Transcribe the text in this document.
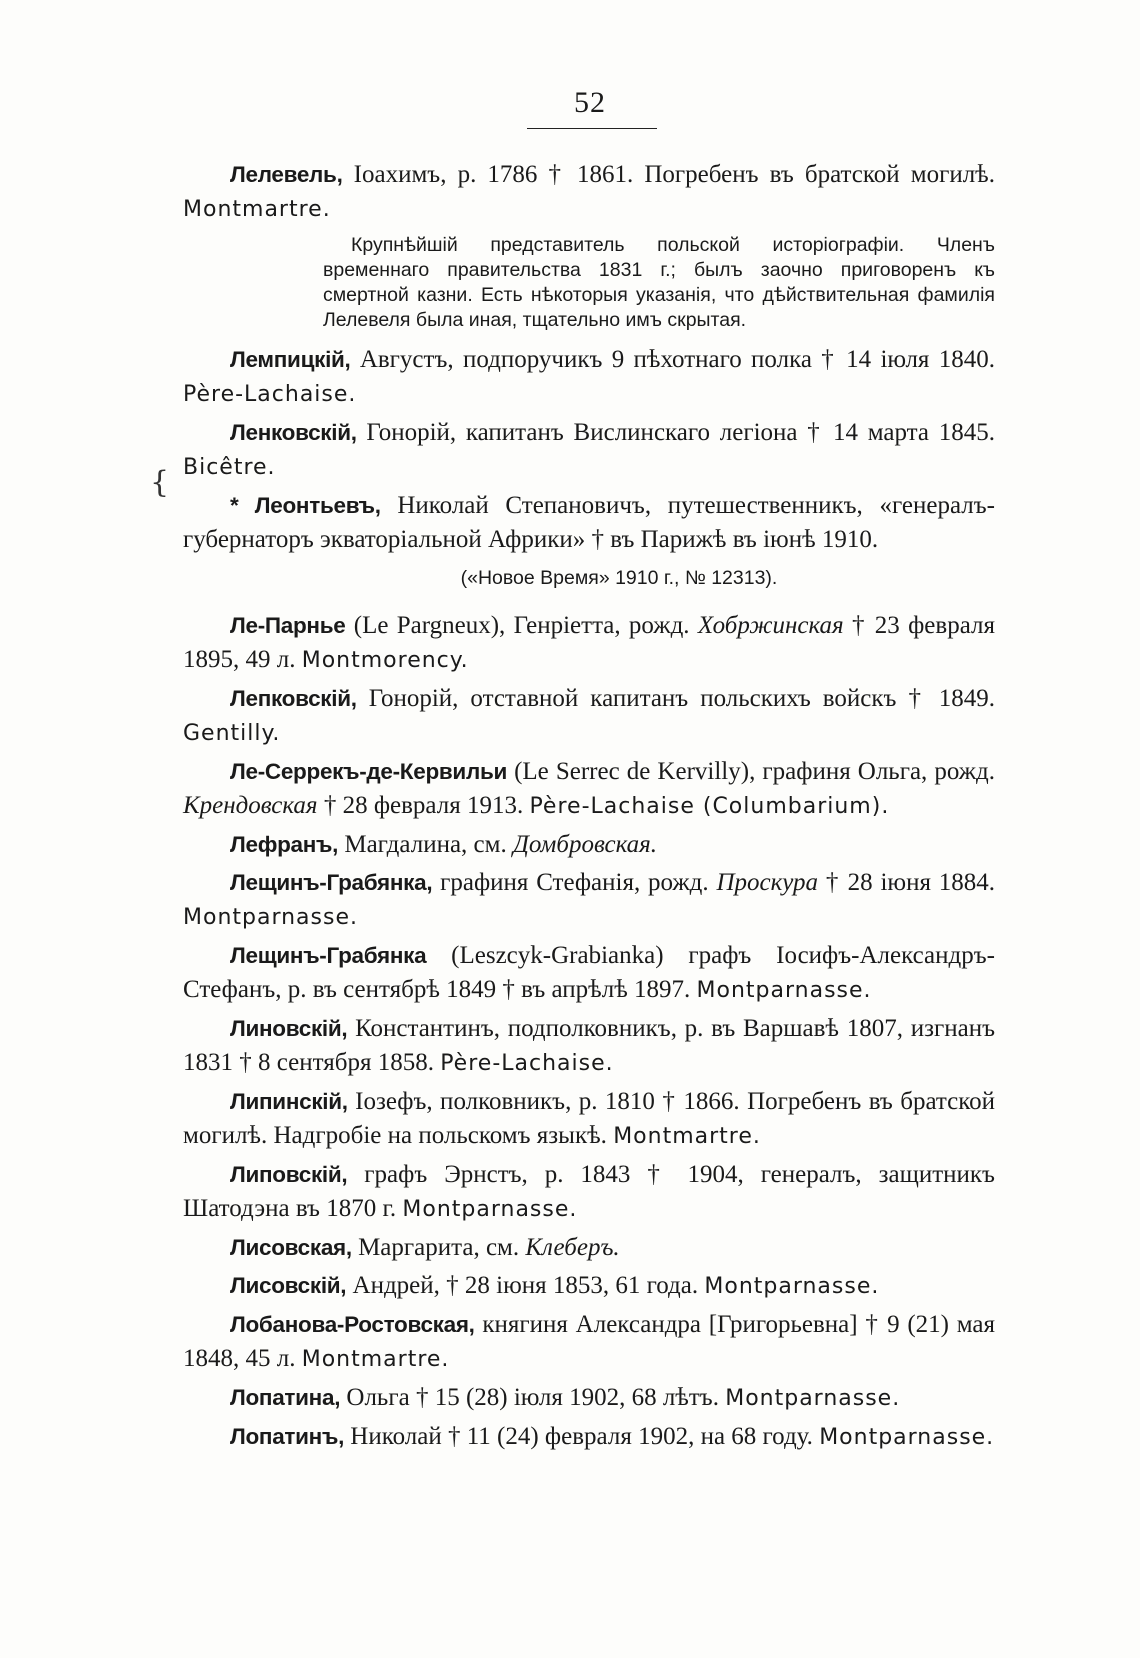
52
{

Лелевель, Іоахимъ, р. 1786 † 1861. Погребенъ въ братской могилѣ. Montmartre.

Крупнѣйшій представитель польской исторіографіи. Членъ временнаго правительства 1831 г.; былъ заочно приговоренъ къ смертной казни. Есть нѣкоторыя указанія, что дѣйствительная фамилія Лелевеля была иная, тщательно имъ скрытая.

Лемпицкій, Августъ, подпоручикъ 9 пѣхотнаго полка † 14 іюля 1840. Père-Lachaise.

Ленковскій, Гонорій, капитанъ Вислинскаго легіона † 14 марта 1845. Bicêtre.

* Леонтьевъ, Николай Степановичъ, путешественникъ, «генералъ-губернаторъ экваторіальной Африки» † въ Парижѣ въ іюнѣ 1910.

(«Новое Время» 1910 г., № 12313).

Ле-Парнье (Le Pargneux), Генріетта, рожд. Хобржинская † 23 февраля 1895, 49 л. Montmorency.

Лепковскій, Гонорій, отставной капитанъ польскихъ войскъ † 1849. Gentilly.

Ле-Серрекъ-де-Кервильи (Le Serrec de Kervilly), графиня Ольга, рожд. Крендовская † 28 февраля 1913. Père-Lachaise (Columbarium).

Лефранъ, Магдалина, см. Домбровская.

Лещинъ-Грабянка, графиня Стефанія, рожд. Проскура † 28 іюня 1884. Montparnasse.

Лещинъ-Грабянка (Leszcyk-Grabianka) графъ Іосифъ-Александръ-Стефанъ, р. въ сентябрѣ 1849 † въ апрѣлѣ 1897. Montparnasse.

Линовскій, Константинъ, подполковникъ, р. въ Варшавѣ 1807, изгнанъ 1831 † 8 сентября 1858. Père-Lachaise.

Липинскій, Іозефъ, полковникъ, р. 1810 † 1866. Погребенъ въ братской могилѣ. Надгробіе на польскомъ языкѣ. Montmartre.

Липовскій, графъ Эрнстъ, р. 1843 † 1904, генералъ, защитникъ Шатодэна въ 1870 г. Montparnasse.

Лисовская, Маргарита, см. Клеберъ.

Лисовскій, Андрей, † 28 іюня 1853, 61 года. Montparnasse.

Лобанова-Ростовская, княгиня Александра [Григорьевна] † 9 (21) мая 1848, 45 л. Montmartre.

Лопатина, Ольга † 15 (28) іюля 1902, 68 лѣтъ. Montparnasse.

Лопатинъ, Николай † 11 (24) февраля 1902, на 68 году. Montparnasse.
